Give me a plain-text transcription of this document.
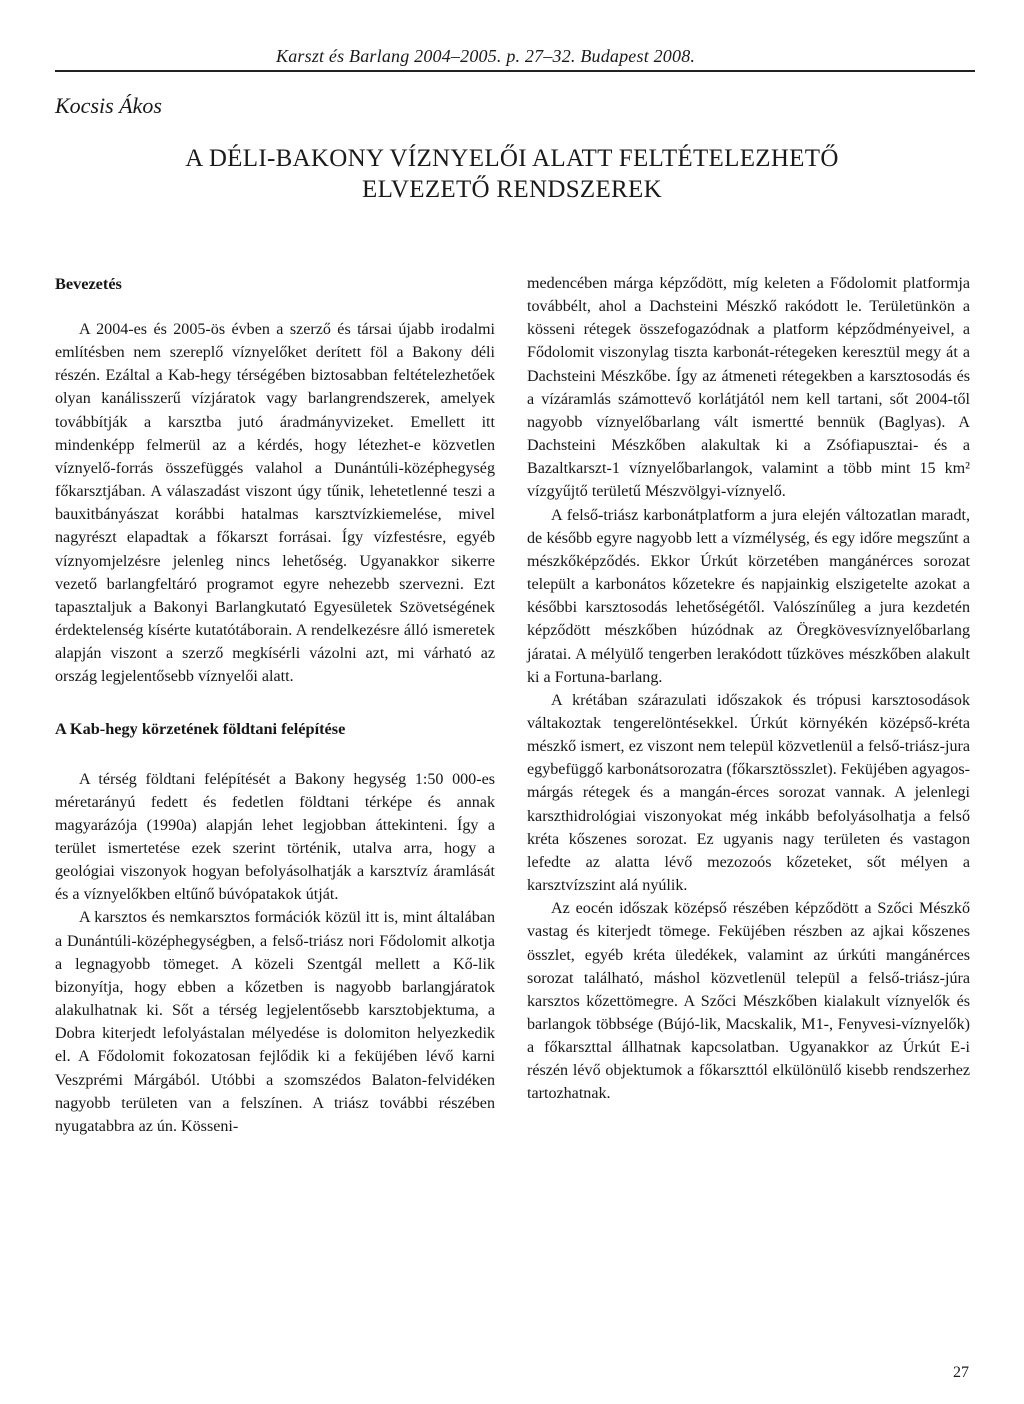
Karszt és Barlang 2004–2005. p. 27–32. Budapest 2008.
Kocsis Ákos
A DÉLI-BAKONY VÍZNYELŐI ALATT FELTÉTELEZHETŐ
ELVEZETŐ RENDSZEREK
Bevezetés

A 2004-es és 2005-ös évben a szerző és társai újabb irodalmi említésben nem szereplő víznyelőket derített föl a Bakony déli részén. Ezáltal a Kab-hegy térségében biztosabban feltételezhetőek olyan kanálisszerű vízjáratok vagy barlangrendszerek, amelyek továbbítják a karsztba jutó áradmányvizeket. Emellett itt mindenképp felmerül az a kérdés, hogy létezhet-e közvetlen víznyelő-forrás összefüggés valahol a Dunántúli-középhegység főkarsztjában. A válaszadást viszont úgy tűnik, lehetetlenné teszi a bauxitbányászat korábbi hatalmas karsztvízkiemelése, mivel nagyrészt elapadtak a főkarszt forrásai. Így vízfestésre, egyéb víznyomjelzésre jelenleg nincs lehetőség. Ugyanakkor sikerre vezető barlangfeltáró programot egyre nehezebb szervezni. Ezt tapasztaljuk a Bakonyi Barlangkutató Egyesületek Szövetségének érdektelenség kísérte kutatótáborain. A rendelkezésre álló ismeretek alapján viszont a szerző megkísérli vázolni azt, mi várható az ország legjelentősebb víznyelői alatt.

A Kab-hegy körzetének földtani felépítése

A térség földtani felépítését a Bakony hegység 1:50 000-es méretarányú fedett és fedetlen földtani térképe és annak magyarázója (1990a) alapján lehet legjobban áttekinteni. Így a terület ismertetése ezek szerint történik, utalva arra, hogy a geológiai viszonyok hogyan befolyásolhatják a karsztvíz áramlását és a víznyelőkben eltűnő búvópatakok útját.

A karsztos és nemkarsztos formációk közül itt is, mint általában a Dunántúli-középhegységben, a felső-triász nori Fődolomit alkotja a legnagyobb tömeget. A közeli Szentgál mellett a Kő-lik bizonyítja, hogy ebben a kőzetben is nagyobb barlangjáratok alakulhatnak ki. Sőt a térség legjelentősebb karsztobjektuma, a Dobra kiterjedt lefolyástalan mélyedése is dolomiton helyezkedik el. A Fődolomit fokozatosan fejlődik ki a feküjében lévő karni Veszprémi Márgából. Utóbbi a szomszédos Balaton-felvidéken nagyobb területen van a felszínen. A triász további részében nyugatabbra az ún. Kösseni-

medencében márga képződött, míg keleten a Fődolomit platformja továbbélt, ahol a Dachsteini Mészkő rakódott le. Területünkön a kösseni rétegek összefogazódnak a platform képződményeivel, a Fődolomit viszonylag tiszta karbonát-rétegeken keresztül megy át a Dachsteini Mészkőbe. Így az átmeneti rétegekben a karsztosodás és a vízáramlás számottevő korlátjától nem kell tartani, sőt 2004-től nagyobb víznyelőbarlang vált ismertté bennük (Baglyas). A Dachsteini Mészkőben alakultak ki a Zsófiapusztai- és a Bazaltkarszt-1 víznyelőbarlangok, valamint a több mint 15 km² vízgyűjtő területű Mészvölgyi-víznyelő.

A felső-triász karbonátplatform a jura elején változatlan maradt, de később egyre nagyobb lett a vízmélység, és egy időre megszűnt a mészkőképződés. Ekkor Úrkút körzetében mangánérces sorozat települt a karbonátos kőzetekre és napjainkig elszigetelte azokat a későbbi karsztosodás lehetőségétől. Valószínűleg a jura kezdetén képződött mészkőben húzódnak az Öregkövesvíznyelőbarlang járatai. A mélyülő tengerben lerakódott tűzköves mészkőben alakult ki a Fortuna-barlang.

A krétában szárazulati időszakok és trópusi karsztosodások váltakoztak tengerelöntésekkel. Úrkút környékén középső-kréta mészkő ismert, ez viszont nem települ közvetlenül a felső-triász-jura egybefüggő karbonátsorozatra (főkarsztösszlet). Feküjében agyagos-márgás rétegek és a mangán-érces sorozat vannak. A jelenlegi karszthidrológiai viszonyokat még inkább befolyásolhatja a felső kréta kőszenes sorozat. Ez ugyanis nagy területen és vastagon lefedte az alatta lévő mezozoós kőzeteket, sőt mélyen a karsztvízszint alá nyúlik.

Az eocén időszak középső részében képződött a Szőci Mészkő vastag és kiterjedt tömege. Feküjében részben az ajkai kőszenes összlet, egyéb kréta üledékek, valamint az úrkúti mangánérces sorozat található, máshol közvetlenül települ a felső-triász-júra karsztos kőzettömegre. A Szőci Mészkőben kialakult víznyelők és barlangok többsége (Bújó-lik, Macskalik, M1-, Fenyvesi-víznyelők) a főkarszttal állhatnak kapcsolatban. Ugyanakkor az Úrkút E-i részén lévő objektumok a főkarszttól elkülönülő kisebb rendszerhez tartozhatnak.

27
